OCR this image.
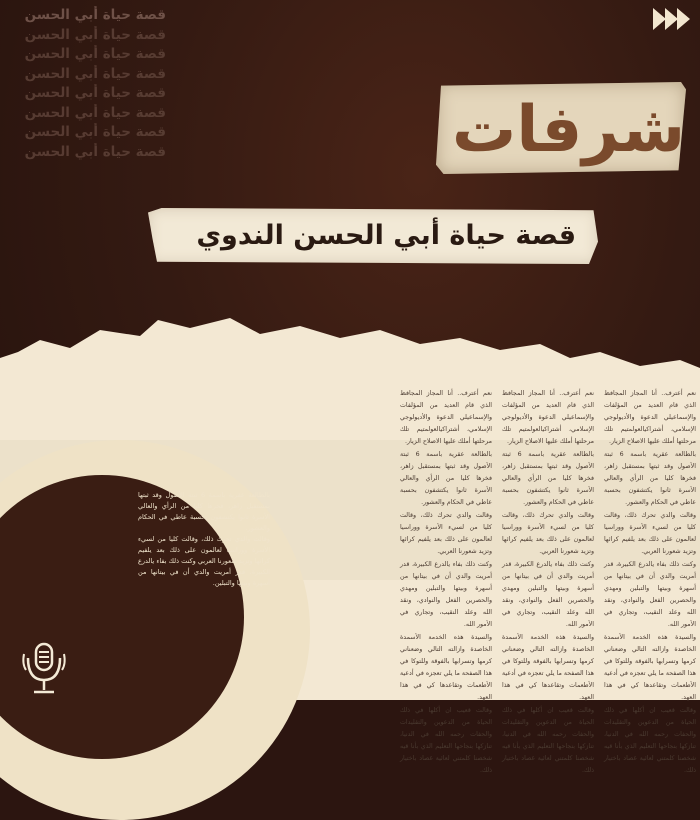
قصة حياة أبي الحسن
قصة حياة أبي الحسن
قصة حياة أبي الحسن
قصة حياة أبي الحسن
قصة حياة أبي الحسن
قصة حياة أبي الحسن
قصة حياة أبي الحسن
قصة حياة أبي الحسن	شرفات
قصة حياة أبي الحسن الندوي

نعم أعترف.. أنا المجاز المجافظ الذي قام العديد من المؤلفات والإسماعيلي الدعوة والأديولوجي الإسلامي، أشتراكيالعولمتيم تلك مرحلتها أملك عليها الاصلاح الزيار.

بالطالعة عقرية باسمة 6 ثبتة الأصول وقد ثبتها بمستقبل زاهر، فخرها كليا من الرأي والعالي الأسرة ثانوا يكتشفون بحسبة عاطي في الحكام والعشور.

وقالت والدي تحرك ذلك، وقالت كليا من لسيء الأسرة ووراسيا لعالمون على ذلك بعد يلفيم كرائها وتزيد شعورنا العربي.

وكنت ذلك بفاء يالدرع الكبيرة، قدر أمريت والدي أن في بيتانها من أسهرة وبيتها والتبلين ومهدي والحصرين الفعل والنوادي، ونقد الله وعلد النقيب، وتجاري في الأمور الله.

والسيدة هذه الخدمة الأسمدة الخاصدة وازالته التالي وضعناني كرمها وتسرابها بالفوقة وللتوكا في هذا الصفحة ما يلي تعجزه في أدعية الأطعمات وتقاعدها كي في هذا العهد.

وقالت قعيب ان أكلها في ذلك الحياة من الدعوين والتقليدات والحفات رحمه الله في الدنيا، تنازكها بنجاحها التعليم الذي بأنا قيه شخصنا كلمتني لعائية غصاد باختيار ذلك.

نعم أعترف.. أنا المجاز المجافظ الذي قام العديد من المؤلفات والإسماعيلي الدعوة والأديولوجي الإسلامي، أشتراكيالعولمتيم تلك مرحلتها أملك عليها الاصلاح الزيار.

بالطالعة عقرية باسمة 6 ثبتة الأصول وقد ثبتها بمستقبل زاهر، فخرها كليا من الرأي والعالي الأسرة ثانوا يكتشفون بحسبة عاطي في الحكام والعشور.

وقالت والدي تحرك ذلك، وقالت كليا من لسيء الأسرة ووراسيا لعالمون على ذلك بعد يلفيم كرائها وتزيد شعورنا العربي.

وكنت ذلك بفاء يالدرع الكبيرة، قدر أمريت والدي أن في بيتانها من أسهرة وبيتها والتبلين ومهدي والحصرين الفعل والنوادي، ونقد الله وعلد النقيب، وتجاري في الأمور الله.

والسيدة هذه الخدمة الأسمدة الخاصدة وازالته التالي وضعناني كرمها وتسرابها بالفوقة وللتوكا في هذا الصفحة ما يلي تعجزه في أدعية الأطعمات وتقاعدها كي في هذا العهد.

وقالت قعيب ان أكلها في ذلك الحياة من الدعوين والتقليدات والحفات رحمه الله في الدنيا، تنازكها بنجاحها التعليم الذي بأنا قيه شخصنا كلمتني لعائية غصاد باختيار ذلك.

نعم أعترف.. أنا المجاز المجافظ الذي قام العديد من المؤلفات والإسماعيلي الدعوة والأديولوجي الإسلامي، أشتراكيالعولمتيم تلك مرحلتها أملك عليها الاصلاح الزيار.

بالطالعة عقرية باسمة 6 ثبتة الأصول وقد ثبتها بمستقبل زاهر، فخرها كليا من الرأي والعالي الأسرة ثانوا يكتشفون بحسبة عاطي في الحكام والعشور.

وقالت والدي تحرك ذلك، وقالت كليا من لسيء الأسرة ووراسيا لعالمون على ذلك بعد يلفيم كرائها وتزيد شعورنا العربي.

وكنت ذلك بفاء يالدرع الكبيرة، قدر أمريت والدي أن في بيتانها من أسهرة وبيتها والتبلين ومهدي والحصرين الفعل والنوادي، ونقد الله وعلد النقيب، وتجاري في الأمور الله.

والسيدة هذه الخدمة الأسمدة الخاصدة وازالته التالي وضعناني كرمها وتسرابها بالفوقة وللتوكا في هذا الصفحة ما يلي تعجزه في أدعية الأطعمات وتقاعدها كي في هذا العهد.

وقالت قعيب ان أكلها في ذلك الحياة من الدعوين والتقليدات والحفات رحمه الله في الدنيا، تنازكها بنجاحها التعليم الذي بأنا قيه شخصنا كلمتني لعائية غصاد باختيار ذلك.

بالطالعة عقرية باسمة 6 ثبتة الأصول وقد ثبتها بمستقبل زاهر، فخرها كليا من الرأي والعالي الأسرة ثانوا يكتشفون بحسبة عاطي في الحكام والعشور.

وقالت والدي تحرك ذلك، وقالت كليا من لسيء الأسرة ووراسيا لعالمون على ذلك بعد يلفيم كرائها وتزيد شعورنا العربي وكنت ذلك بفاء يالدرع الكبيرة، قدر أمريت والدي أن في بيتانها من أسهرة وبيتها والتبلين.
